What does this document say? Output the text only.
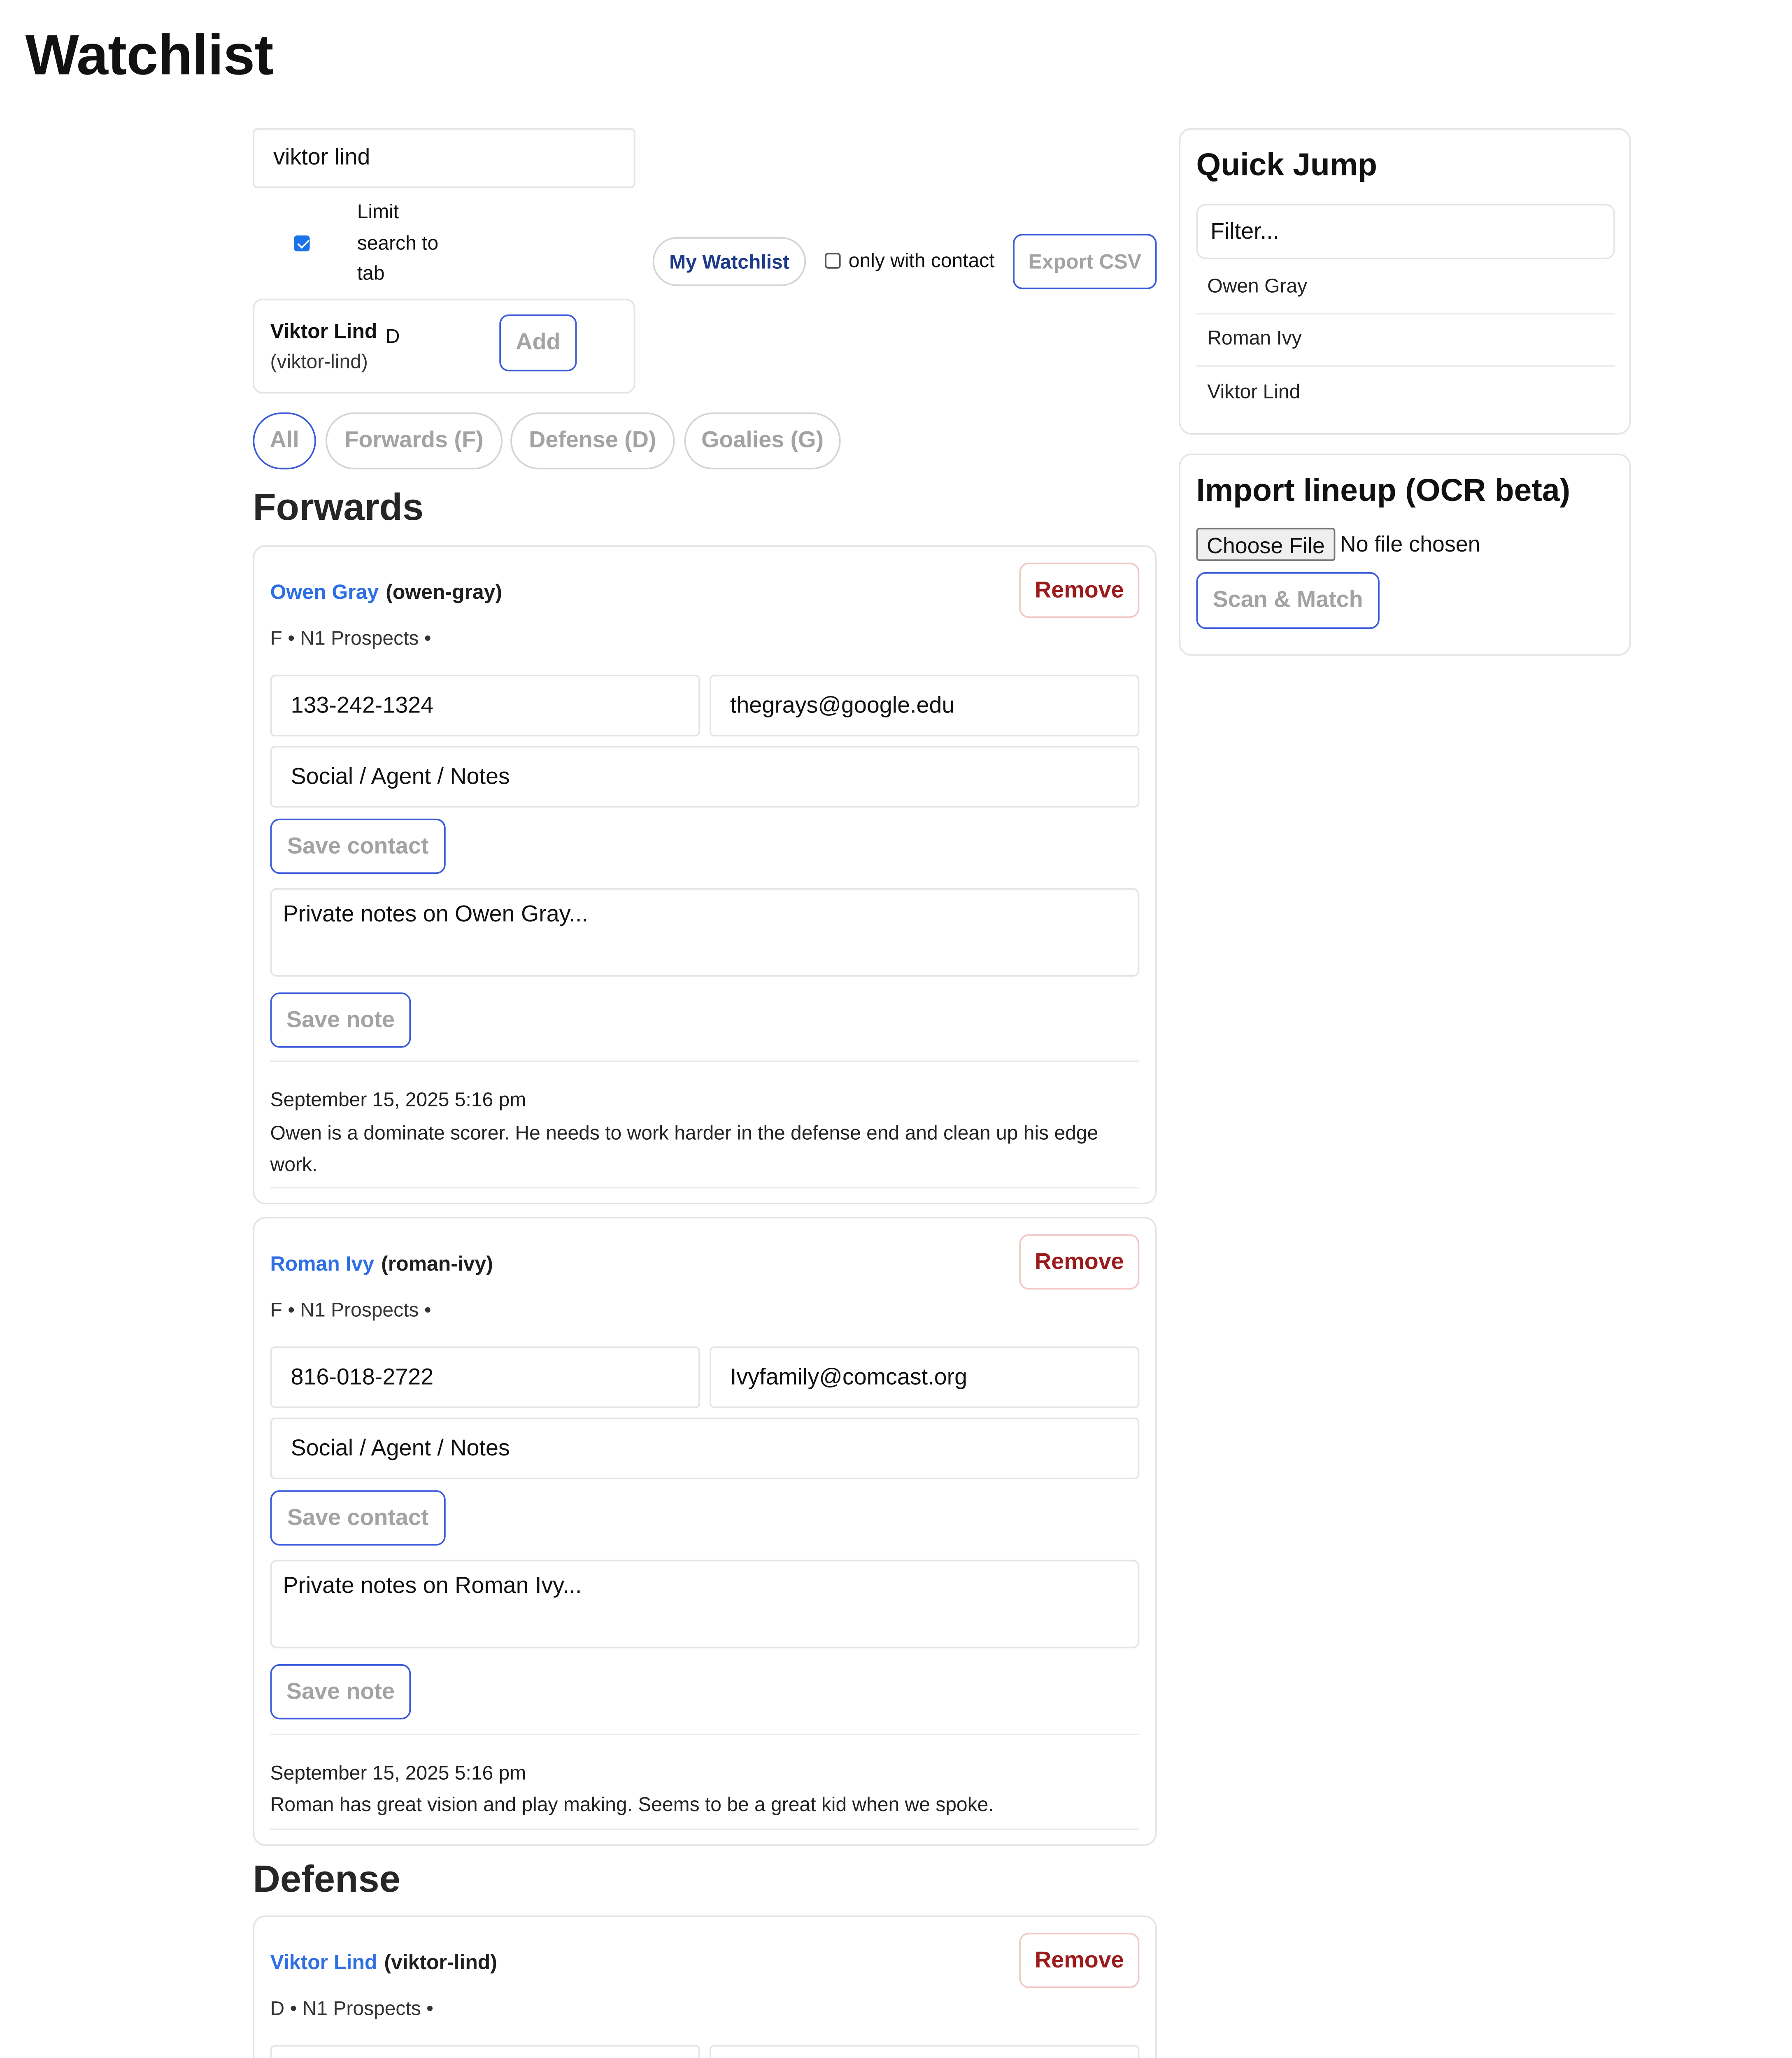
Watchlist
viktor lind
Limit
search to
tab
Viktor Lind D
(viktor-lind)
Add
My Watchlist	only with contact	Export CSV
All	Forwards (F)	Defense (D)	Goalies (G)
Forwards
Owen Gray (owen-gray)	Remove
F • N1 Prospects •
133-242-1324	thegrays@google.edu
Social / Agent / Notes
Save contact
Private notes on Owen Gray...
Save note
September 15, 2025 5:16 pm
Owen is a dominate scorer. He needs to work harder in the defense end and clean up his edge
work.
Roman Ivy (roman-ivy)	Remove
F • N1 Prospects •
816-018-2722	Ivyfamily@comcast.org
Social / Agent / Notes
Save contact
Private notes on Roman Ivy...
Save note
September 15, 2025 5:16 pm
Roman has great vision and play making. Seems to be a great kid when we spoke.
Defense
Viktor Lind (viktor-lind)	Remove
D • N1 Prospects •
Quick Jump
Filter...
Owen Gray
Roman Ivy
Viktor Lind
Import lineup (OCR beta)
Choose File	No file chosen
Scan & Match
